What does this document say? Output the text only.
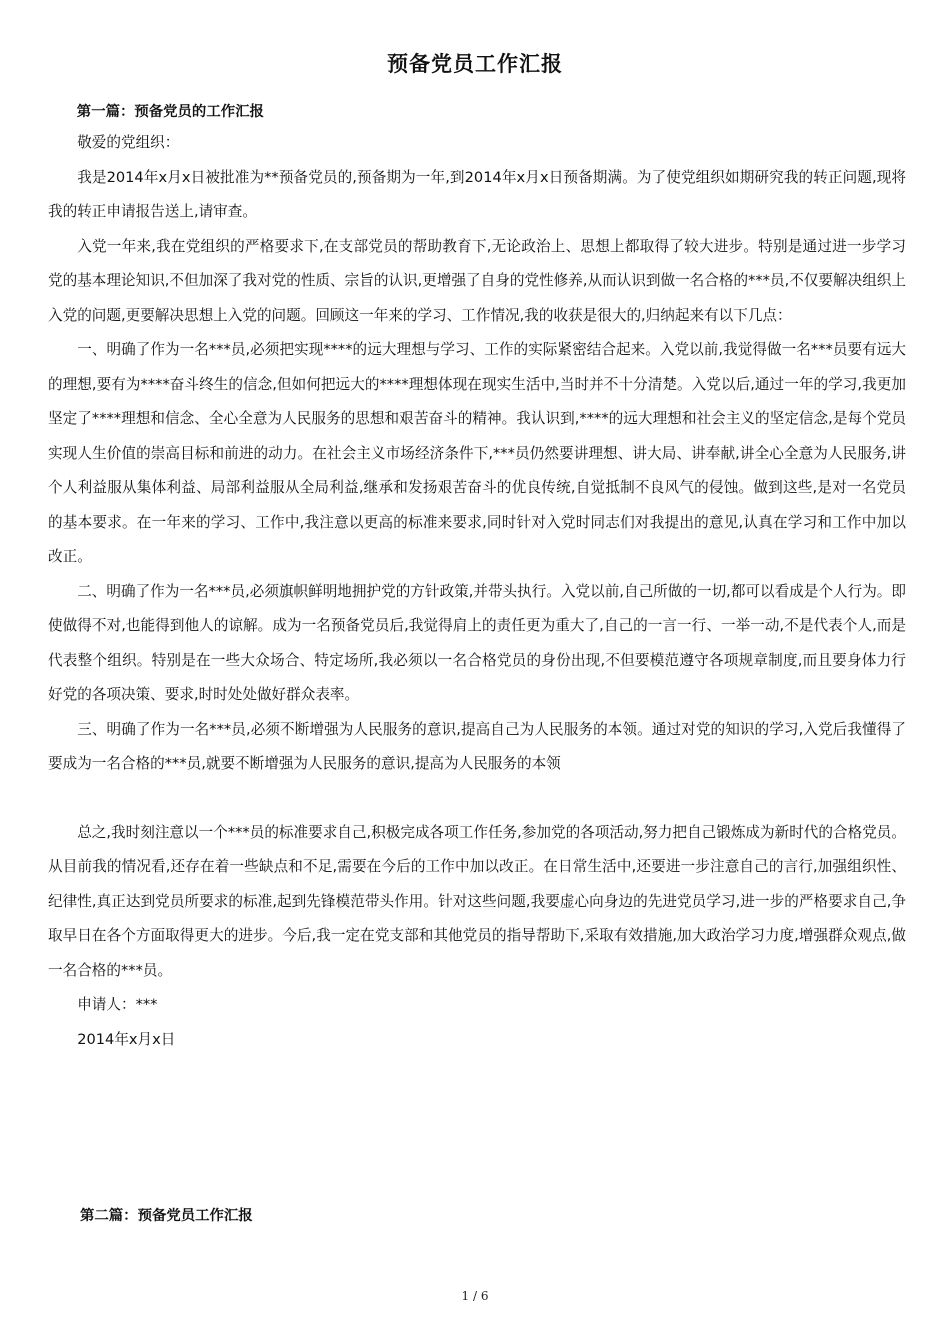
预备党员工作汇报

第一篇：预备党员的工作汇报

敬爱的党组织：

我是2014年x月x日被批准为**预备党员的,预备期为一年,到2014年x月x日预备期满。为了使党组织如期研究我的转正问题,现将我的转正申请报告送上,请审查。

入党一年来,我在党组织的严格要求下,在支部党员的帮助教育下,无论政治上、思想上都取得了较大进步。特别是通过进一步学习党的基本理论知识,不但加深了我对党的性质、宗旨的认识,更增强了自身的党性修养,从而认识到做一名合格的***员,不仅要解决组织上入党的问题,更要解决思想上入党的问题。回顾这一年来的学习、工作情况,我的收获是很大的,归纳起来有以下几点：

一、明确了作为一名***员,必须把实现****的远大理想与学习、工作的实际紧密结合起来。入党以前,我觉得做一名***员要有远大的理想,要有为****奋斗终生的信念,但如何把远大的****理想体现在现实生活中,当时并不十分清楚。入党以后,通过一年的学习,我更加坚定了****理想和信念、全心全意为人民服务的思想和艰苦奋斗的精神。我认识到,****的远大理想和社会主义的坚定信念,是每个党员实现人生价值的崇高目标和前进的动力。在社会主义市场经济条件下,***员仍然要讲理想、讲大局、讲奉献,讲全心全意为人民服务,讲个人利益服从集体利益、局部利益服从全局利益,继承和发扬艰苦奋斗的优良传统,自觉抵制不良风气的侵蚀。做到这些,是对一名党员的基本要求。在一年来的学习、工作中,我注意以更高的标准来要求,同时针对入党时同志们对我提出的意见,认真在学习和工作中加以改正。

二、明确了作为一名***员,必须旗帜鲜明地拥护党的方针政策,并带头执行。入党以前,自己所做的一切,都可以看成是个人行为。即使做得不对,也能得到他人的谅解。成为一名预备党员后,我觉得肩上的责任更为重大了,自己的一言一行、一举一动,不是代表个人,而是代表整个组织。特别是在一些大众场合、特定场所,我必须以一名合格党员的身份出现,不但要模范遵守各项规章制度,而且要身体力行好党的各项决策、要求,时时处处做好群众表率。

三、明确了作为一名***员,必须不断增强为人民服务的意识,提高自己为人民服务的本领。通过对党的知识的学习,入党后我懂得了要成为一名合格的***员,就要不断增强为人民服务的意识,提高为人民服务的本领

总之,我时刻注意以一个***员的标准要求自己,积极完成各项工作任务,参加党的各项活动,努力把自己锻炼成为新时代的合格党员。从目前我的情况看,还存在着一些缺点和不足,需要在今后的工作中加以改正。在日常生活中,还要进一步注意自己的言行,加强组织性、纪律性,真正达到党员所要求的标准,起到先锋模范带头作用。针对这些问题,我要虚心向身边的先进党员学习,进一步的严格要求自己,争取早日在各个方面取得更大的进步。今后,我一定在党支部和其他党员的指导帮助下,采取有效措施,加大政治学习力度,增强群众观点,做一名合格的***员。

申请人：***

2014年x月x日

第二篇：预备党员工作汇报
1 / 6
